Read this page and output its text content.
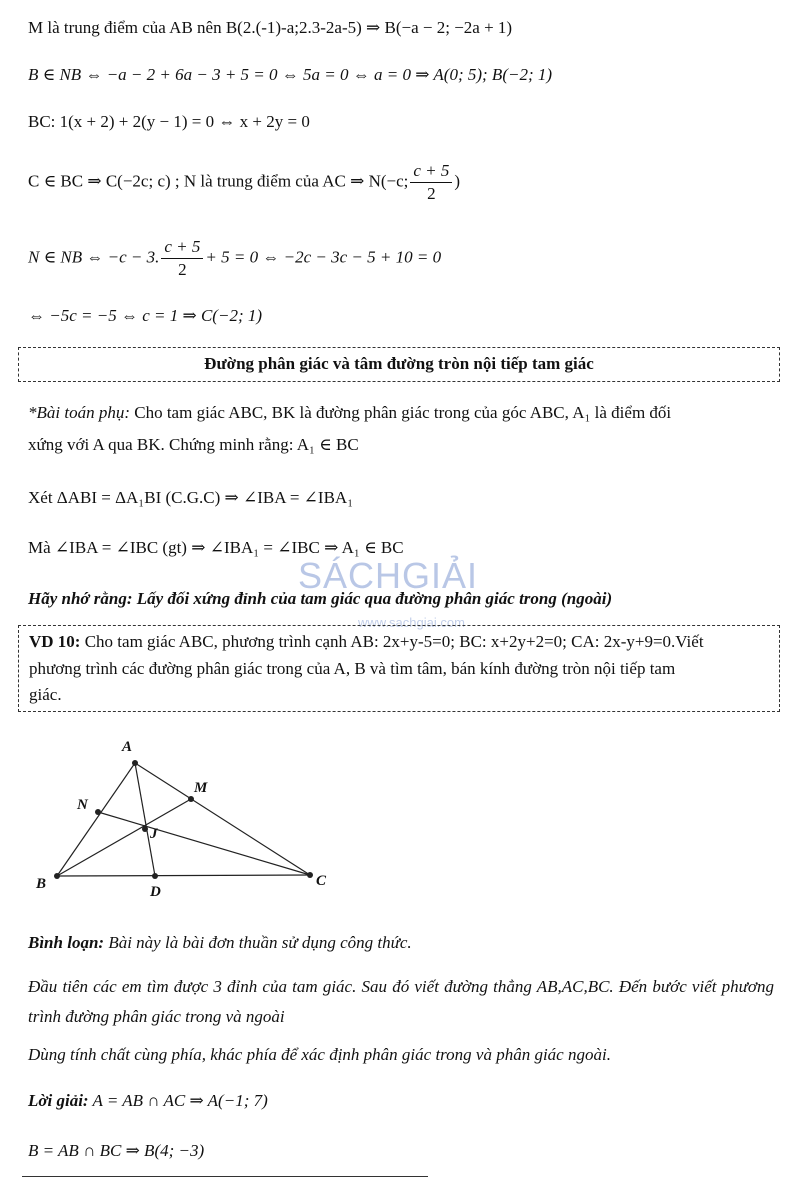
M là trung điểm của AB nên B(2.(-1)-a;2.3-2a-5) ⇒ B(−a − 2; −2a + 1)
B ∈ NB ⇔ −a − 2 + 6a − 3 + 5 = 0 ⇔ 5a = 0 ⇔ a = 0 ⇒ A(0; 5); B(−2; 1)
BC: 1(x + 2) + 2(y − 1) = 0 ⇔ x + 2y = 0
C ∈ BC ⇒ C(−2c; c) ; N là trung điểm của AC ⇒ N(−c; $\frac{c + 5}{2}$ )
N ∈ NB ⇔ −c − 3. $\frac{c + 5}{2} + 5 = 0$ ⇔ −2c − 3c − 5 + 10 = 0
⇔ −5c = −5 ⇔ c = 1 ⇒ C(−2; 1)
Đường phân giác và tâm đường tròn nội tiếp tam giác
*Bài toán phụ: Cho tam giác ABC, BK là đường phân giác trong của góc ABC, A₁ là điểm đối
xứng với A qua BK. Chứng minh rằng: A₁ ∈ BC
Xét ΔABI = ΔA₁BI (C.G.C) ⇒ ∠IBA = ∠IBA₁
Mà ∠IBA = ∠IBC (gt) ⇒ ∠IBA₁ = ∠IBC ⇒ A₁ ∈ BC
SÁCHGIẢI
www.sachgiai.com
Hãy nhớ rằng: Lấy đối xứng đỉnh của tam giác qua đường phân giác trong (ngoài)
VD 10: Cho tam giác ABC, phương trình cạnh AB: 2x+y-5=0; BC: x+2y+2=0; CA: 2x-y+9=0.Viết
phương trình các đường phân giác trong của A, B và tìm tâm, bán kính đường tròn nội tiếp tam
giác.
A
M
N
J
B	D
C
Bình loạn: Bài này là bài đơn thuần sử dụng công thức.
Đầu tiên các em tìm được 3 đỉnh của tam giác. Sau đó viết đường thẳng AB,AC,BC. Đến bước viết phương trình đường phân giác trong và ngoài
Dùng tính chất cùng phía, khác phía để xác định phân giác trong và phân giác ngoài.
Lời giải: A = AB ∩ AC ⇒ A(−1; 7)
B = AB ∩ BC ⇒ B(4; −3)
